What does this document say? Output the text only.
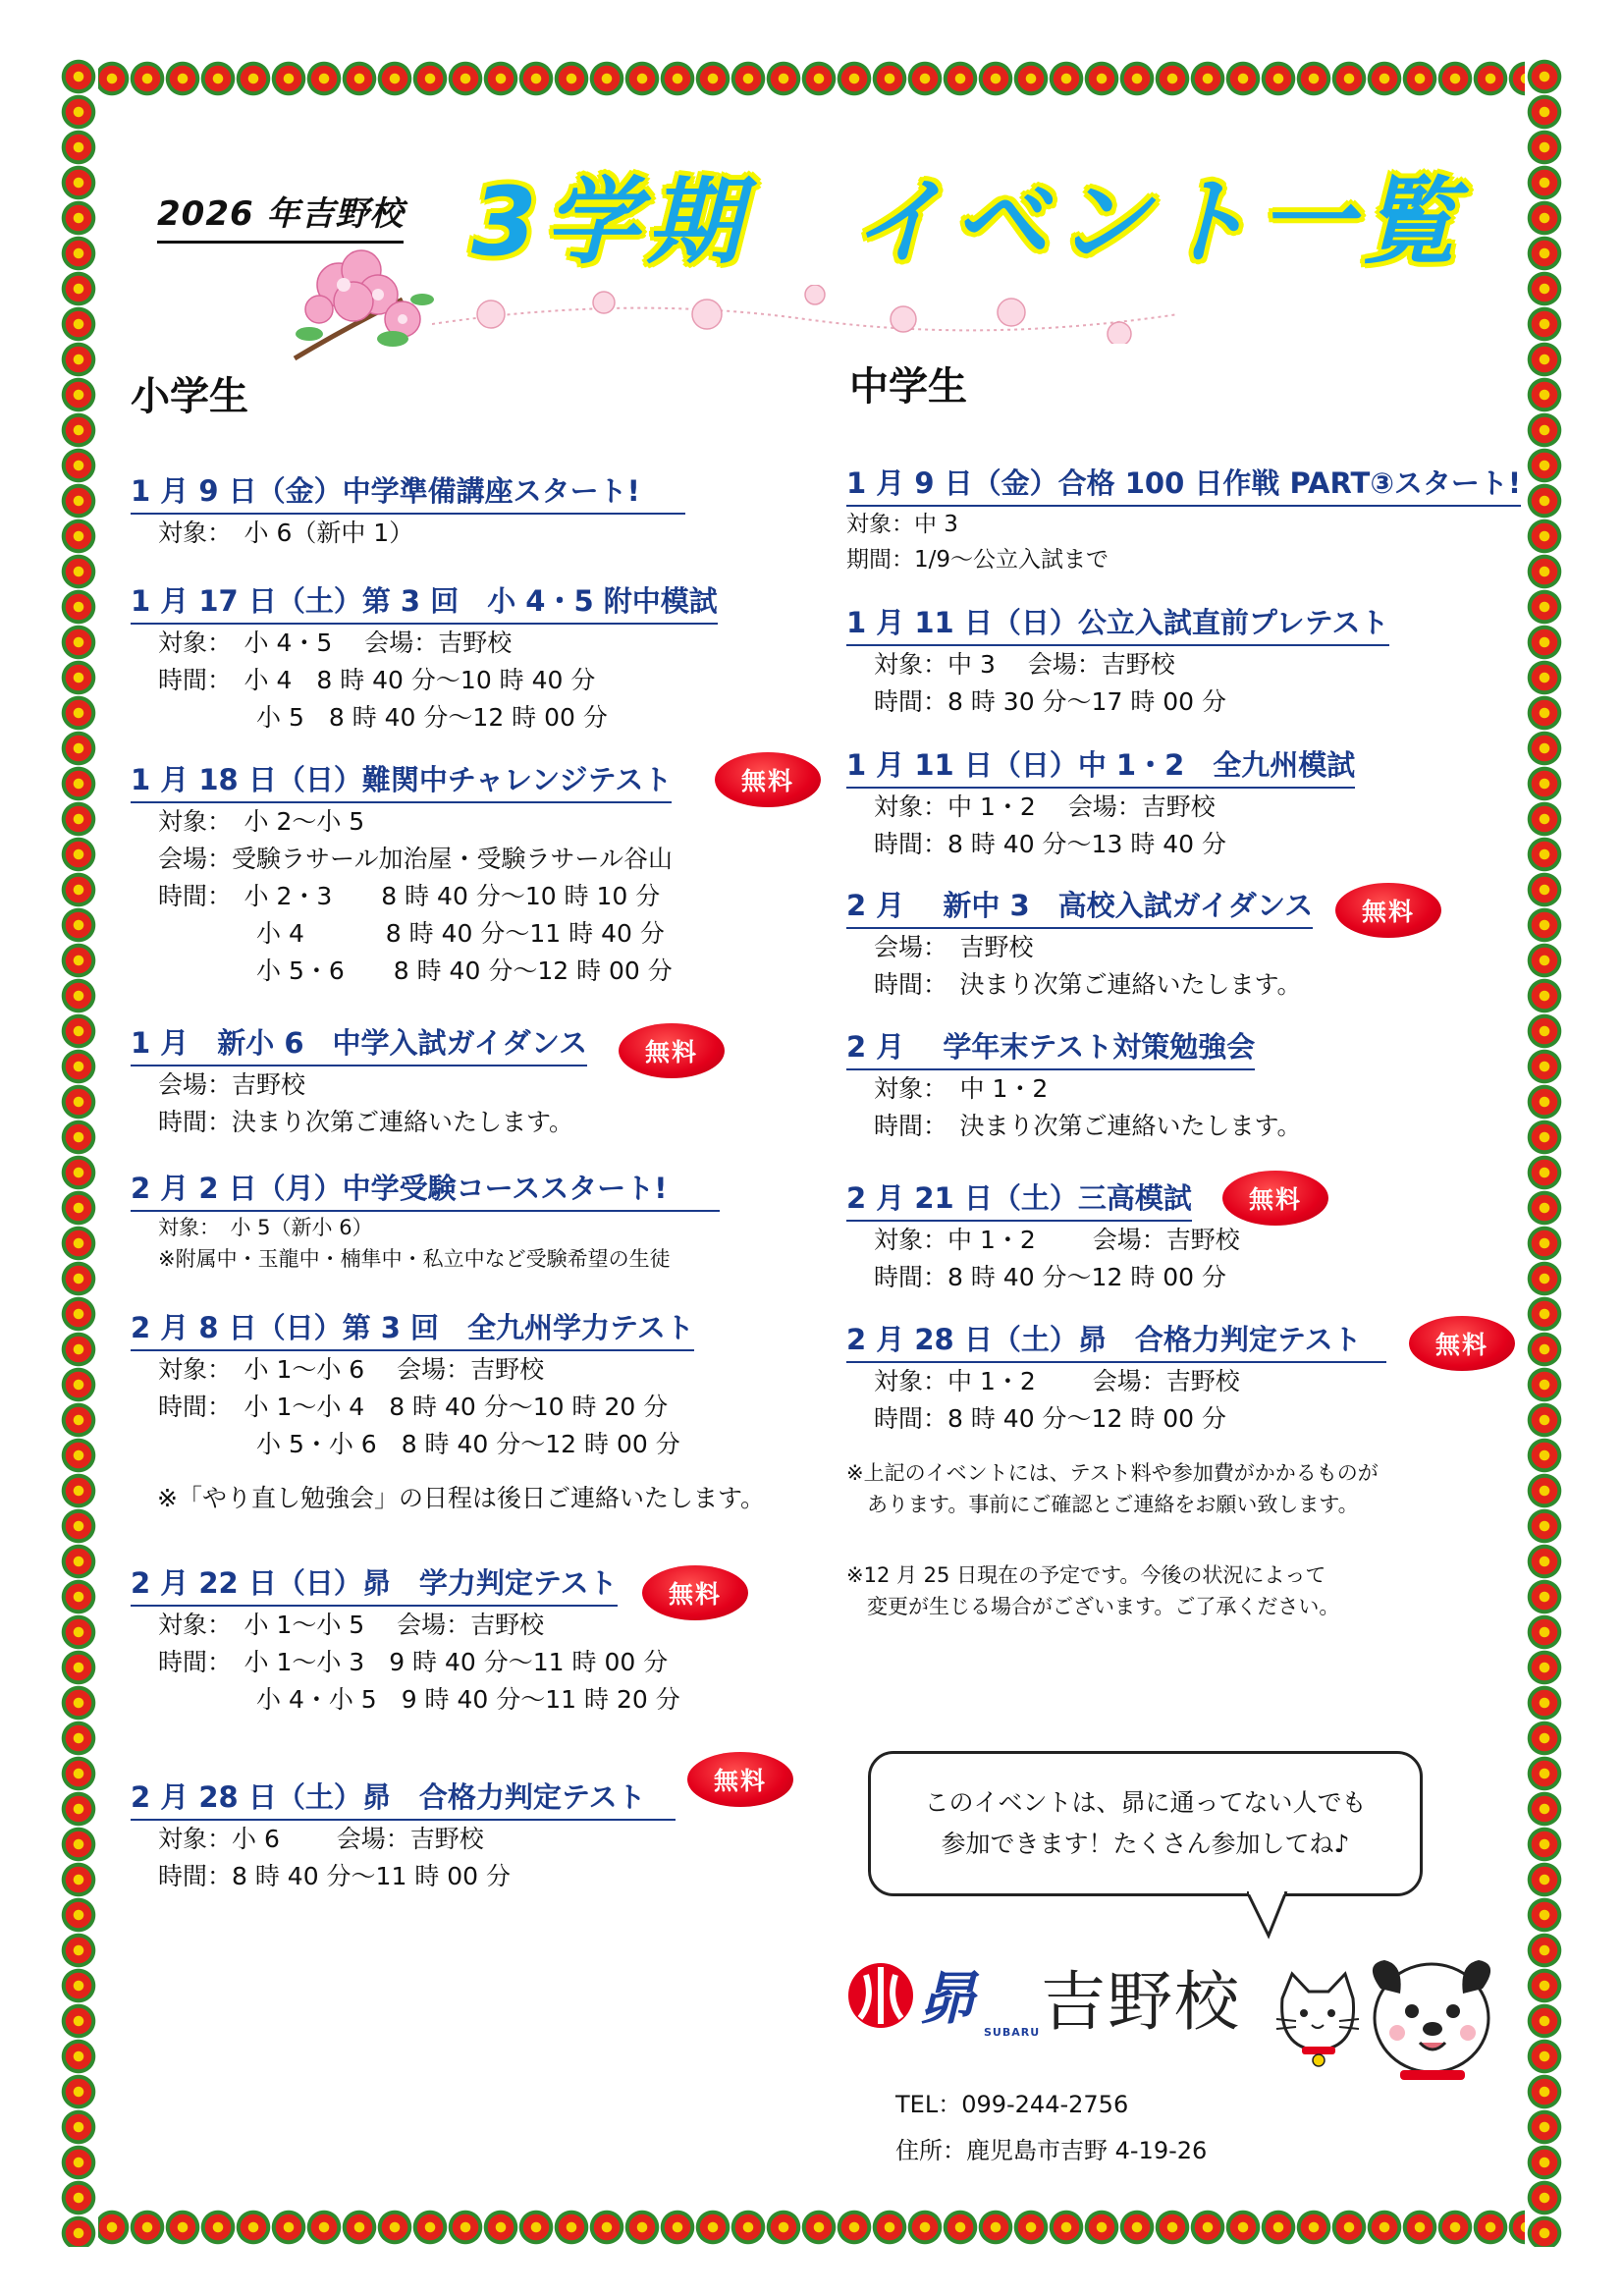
2026 年吉野校 3学期　イベント一覧
小学生	中学生
1 月 9 日（金）中学準備講座スタート!
対象：　小 6（新中 1）
1 月 17 日（土）第 3 回　小 4・5 附中模試
対象：　小 4・5　 会場：吉野校
時間：　小 4　8 時 40 分～10 時 40 分
　　　　小 5　8 時 40 分～12 時 00 分
1 月 18 日（日）難関中チャレンジテスト
対象：　小 2～小 5
会場：受験ラサール加治屋・受験ラサール谷山
時間：　小 2・3　　8 時 40 分～10 時 10 分
　　　　小 4　　　 8 時 40 分～11 時 40 分
　　　　小 5・6　　8 時 40 分～12 時 00 分
無料
1 月　新小 6　中学入試ガイダンス
会場：吉野校
時間：決まり次第ご連絡いたします。
無料
2 月 2 日（月）中学受験コーススタート!
対象：　小 5（新小 6）
※附属中・玉龍中・楠隼中・私立中など受験希望の生徒
2 月 8 日（日）第 3 回　全九州学力テスト
対象：　小 1～小 6　 会場：吉野校
時間：　小 1～小 4　8 時 40 分～10 時 20 分
　　　　小 5・小 6　8 時 40 分～12 時 00 分
※「やり直し勉強会」の日程は後日ご連絡いたします。
2 月 22 日（日）昴　学力判定テスト
対象：　小 1～小 5　 会場：吉野校
時間：　小 1～小 3　9 時 40 分～11 時 00 分
　　　　小 4・小 5　9 時 40 分～11 時 20 分
無料
2 月 28 日（土）昴　合格力判定テスト
対象：小 6　　 会場：吉野校
時間：8 時 40 分～11 時 00 分
無料
1 月 9 日（金）合格 100 日作戦 PART③スタート!
対象：中 3
期間：1/9～公立入試まで
1 月 11 日（日）公立入試直前プレテスト
対象：中 3　 会場：吉野校
時間：8 時 30 分～17 時 00 分
1 月 11 日（日）中 1・2　全九州模試
対象：中 1・2　 会場：吉野校
時間：8 時 40 分～13 時 40 分
2 月　 新中 3　高校入試ガイダンス
会場：　吉野校
時間：　決まり次第ご連絡いたします。
無料
2 月　 学年末テスト対策勉強会
対象：　中 1・2
時間：　決まり次第ご連絡いたします。
2 月 21 日（土）三高模試
対象：中 1・2　　 会場：吉野校
時間：8 時 40 分～12 時 00 分
無料
2 月 28 日（土）昴　合格力判定テスト
対象：中 1・2　　 会場：吉野校
時間：8 時 40 分～12 時 00 分
無料
※上記のイベントには、テスト料や参加費がかかるものが
　あります。事前にご確認とご連絡をお願い致します。
※12 月 25 日現在の予定です。今後の状況によって
　変更が生じる場合がございます。ご了承ください。
このイベントは、昴に通ってない人でも
参加できます！たくさん参加してね♪
昴
SUBARU 吉野校
TEL：099-244-2756
住所：鹿児島市吉野 4-19-26
